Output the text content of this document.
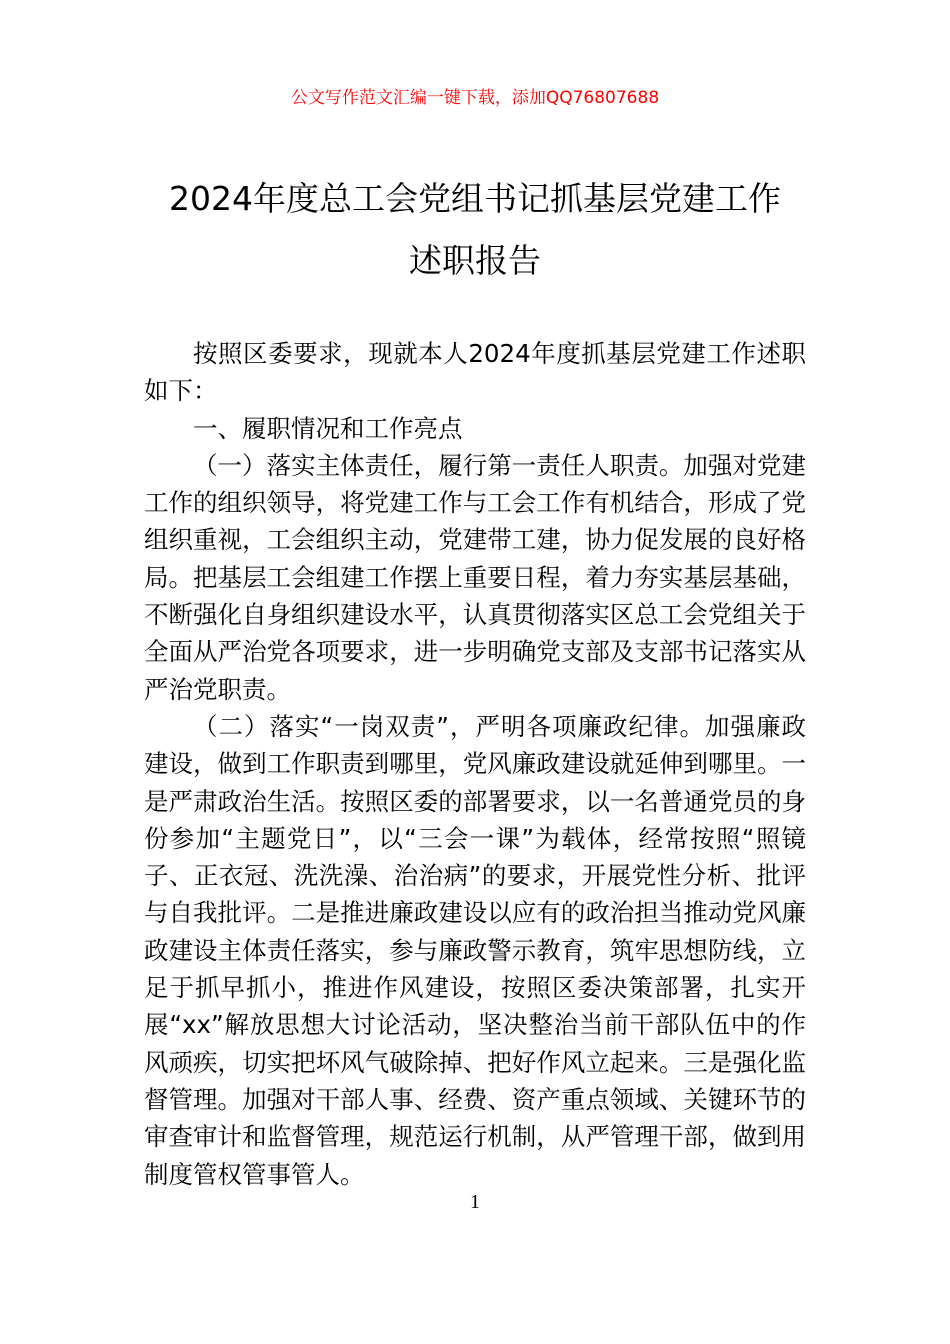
公文写作范文汇编一键下载，添加QQ76807688
2024年度总工会党组书记抓基层党建工作
述职报告

按照区委要求，现就本人2024年度抓基层党建工作述职如下：

一、履职情况和工作亮点

（一）落实主体责任，履行第一责任人职责。加强对党建工作的组织领导，将党建工作与工会工作有机结合，形成了党组织重视，工会组织主动，党建带工建，协力促发展的良好格局。把基层工会组建工作摆上重要日程，着力夯实基层基础，不断强化自身组织建设水平，认真贯彻落实区总工会党组关于全面从严治党各项要求，进一步明确党支部及支部书记落实从严治党职责。

（二）落实“一岗双责”，严明各项廉政纪律。加强廉政建设，做到工作职责到哪里，党风廉政建设就延伸到哪里。一是严肃政治生活。按照区委的部署要求，以一名普通党员的身份参加“主题党日”，以“三会一课”为载体，经常按照“照镜子、正衣冠、洗洗澡、治治病”的要求，开展党性分析、批评与自我批评。二是推进廉政建设以应有的政治担当推动党风廉政建设主体责任落实，参与廉政警示教育，筑牢思想防线，立足于抓早抓小，推进作风建设，按照区委决策部署，扎实开展“xx”解放思想大讨论活动，坚决整治当前干部队伍中的作风顽疾，切实把坏风气破除掉、把好作风立起来。三是强化监督管理。加强对干部人事、经费、资产重点领域、关键环节的审查审计和监督管理，规范运行机制，从严管理干部，做到用制度管权管事管人。

1
